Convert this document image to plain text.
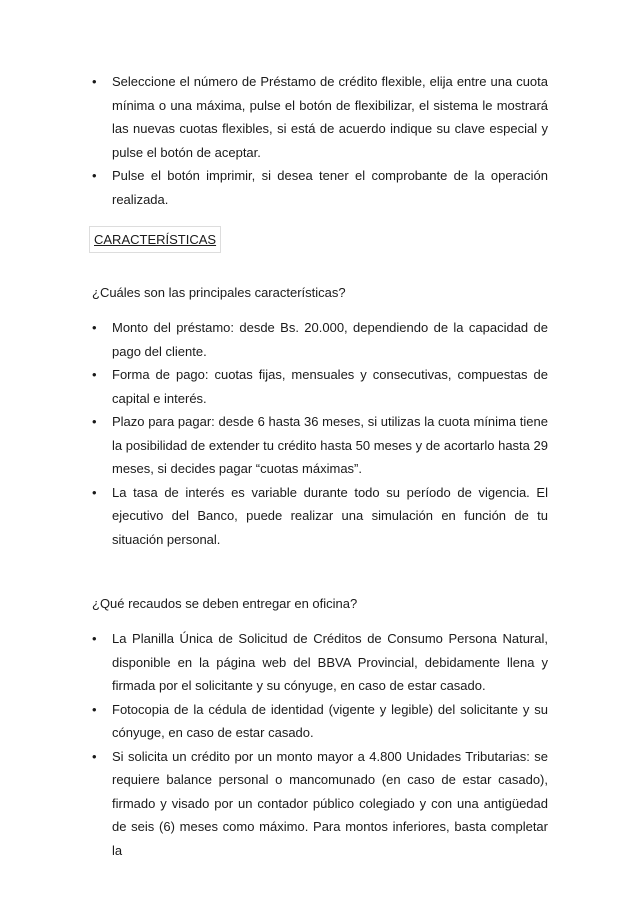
•	Seleccione el número de Préstamo de crédito flexible, elija entre una cuota mínima o una máxima, pulse el botón de flexibilizar, el sistema le mostrará las nuevas cuotas flexibles, si está de acuerdo indique su clave especial y pulse el botón de aceptar.
•	Pulse el botón imprimir, si desea tener el comprobante de la operación realizada.
CARACTERÍSTICAS
¿Cuáles son las principales características?
•	Monto del préstamo: desde Bs. 20.000, dependiendo de la capacidad de pago del cliente.
•	Forma de pago: cuotas fijas, mensuales y consecutivas, compuestas de capital e interés.
•	Plazo para pagar: desde 6 hasta 36 meses, si utilizas la cuota mínima tiene la posibilidad de extender tu crédito hasta 50 meses y de acortarlo hasta 29 meses, si decides pagar “cuotas máximas”.
•	La tasa de interés es variable durante todo su período de vigencia. El ejecutivo del Banco, puede realizar una simulación en función de tu situación personal.
¿Qué recaudos se deben entregar en oficina?
•	La Planilla Única de Solicitud de Créditos de Consumo Persona Natural, disponible en la página web del BBVA Provincial, debidamente llena y firmada por el solicitante y su cónyuge, en caso de estar casado.
•	Fotocopia de la cédula de identidad (vigente y legible) del solicitante y su cónyuge, en caso de estar casado.
•	Si solicita un crédito por un monto mayor a 4.800 Unidades Tributarias: se requiere balance personal o mancomunado (en caso de estar casado), firmado y visado por un contador público colegiado y con una antigüedad de seis (6) meses como máximo. Para montos inferiores, basta completar la
